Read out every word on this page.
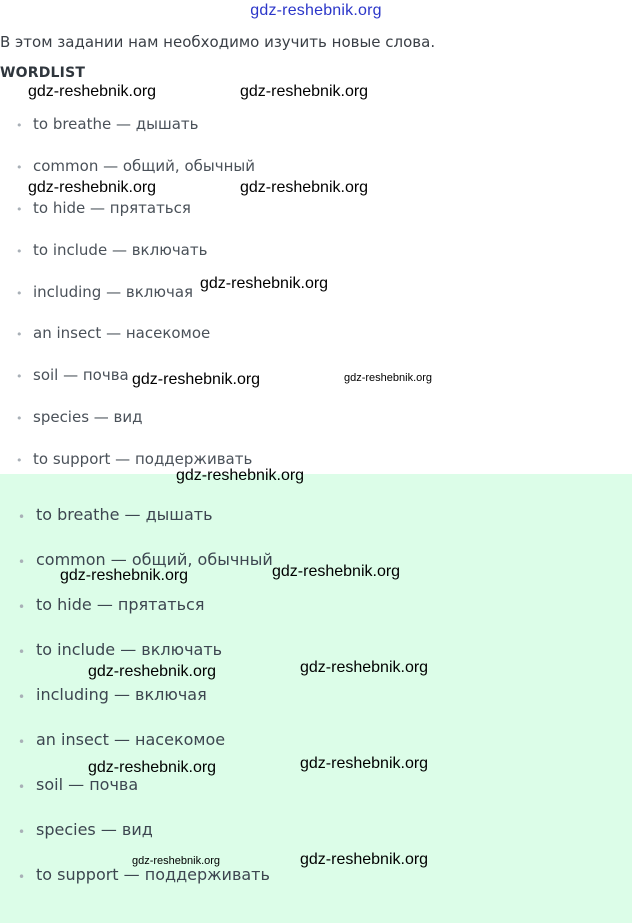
gdz-reshebnik.org
В этом задании нам необходимо изучить новые слова.
WORDLIST
• to breathe — дышать
• common — общий, обычный
• to hide — прятаться
• to include — включать
• including — включая
• an insect — насекомое
• soil — почва
• species — вид
• to support — поддерживать
• to breathe — дышать
• common — общий, обычный
• to hide — прятаться
• to include — включать
• including — включая
• an insect — насекомое
• soil — почва
• species — вид
• to support — поддерживать
gdz-reshebnik.org	gdz-reshebnik.org
gdz-reshebnik.org	gdz-reshebnik.org
gdz-reshebnik.org
gdz-reshebnik.org	gdz-reshebnik.org
gdz-reshebnik.org
gdz-reshebnik.org	gdz-reshebnik.org
gdz-reshebnik.org	gdz-reshebnik.org
gdz-reshebnik.org	gdz-reshebnik.org
gdz-reshebnik.org	gdz-reshebnik.org
